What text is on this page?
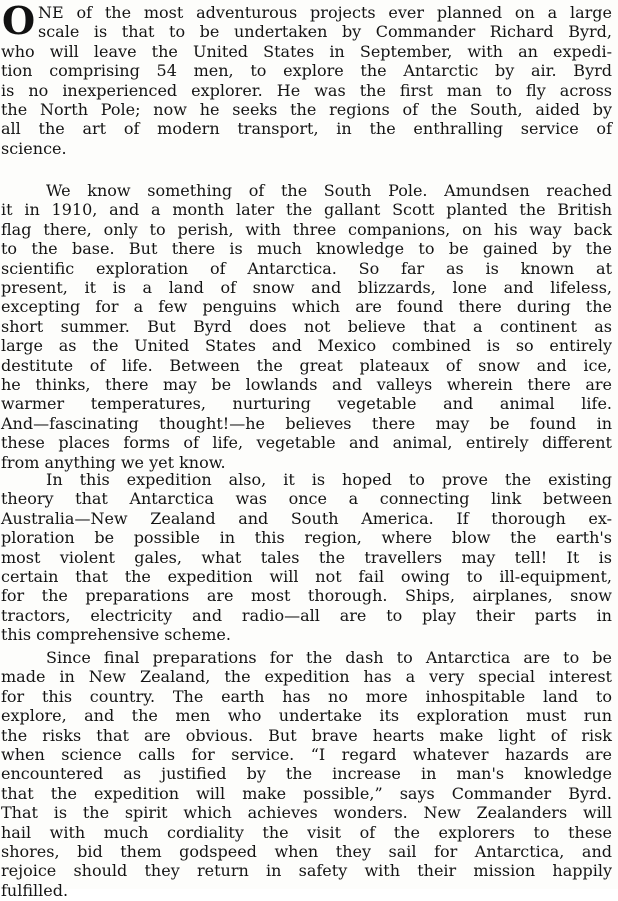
O NE of the most adventurous projects ever planned on a large
scale is that to be undertaken by Commander Richard Byrd,
who will leave the United States in September, with an expedi-
tion comprising 54 men, to explore the Antarctic by air. Byrd
is no inexperienced explorer. He was the first man to fly across
the North Pole; now he seeks the regions of the South, aided by
all the art of modern transport, in the enthralling service of
science.
We know something of the South Pole. Amundsen reached
it in 1910, and a month later the gallant Scott planted the British
flag there, only to perish, with three companions, on his way back
to the base. But there is much knowledge to be gained by the
scientific exploration of Antarctica. So far as is known at
present, it is a land of snow and blizzards, lone and lifeless,
excepting for a few penguins which are found there during the
short summer. But Byrd does not believe that a continent as
large as the United States and Mexico combined is so entirely
destitute of life. Between the great plateaux of snow and ice,
he thinks, there may be lowlands and valleys wherein there are
warmer temperatures, nurturing vegetable and animal life.
And—fascinating thought!—he believes there may be found in
these places forms of life, vegetable and animal, entirely different
from anything we yet know.
In this expedition also, it is hoped to prove the existing
theory that Antarctica was once a connecting link between
Australia—New Zealand and South America. If thorough ex-
ploration be possible in this region, where blow the earth's
most violent gales, what tales the travellers may tell! It is
certain that the expedition will not fail owing to ill-equipment,
for the preparations are most thorough. Ships, airplanes, snow
tractors, electricity and radio—all are to play their parts in
this comprehensive scheme.
Since final preparations for the dash to Antarctica are to be
made in New Zealand, the expedition has a very special interest
for this country. The earth has no more inhospitable land to
explore, and the men who undertake its exploration must run
the risks that are obvious. But brave hearts make light of risk
when science calls for service. “I regard whatever hazards are
encountered as justified by the increase in man's knowledge
that the expedition will make possible,” says Commander Byrd.
That is the spirit which achieves wonders. New Zealanders will
hail with much cordiality the visit of the explorers to these
shores, bid them godspeed when they sail for Antarctica, and
rejoice should they return in safety with their mission happily
fulfilled.
